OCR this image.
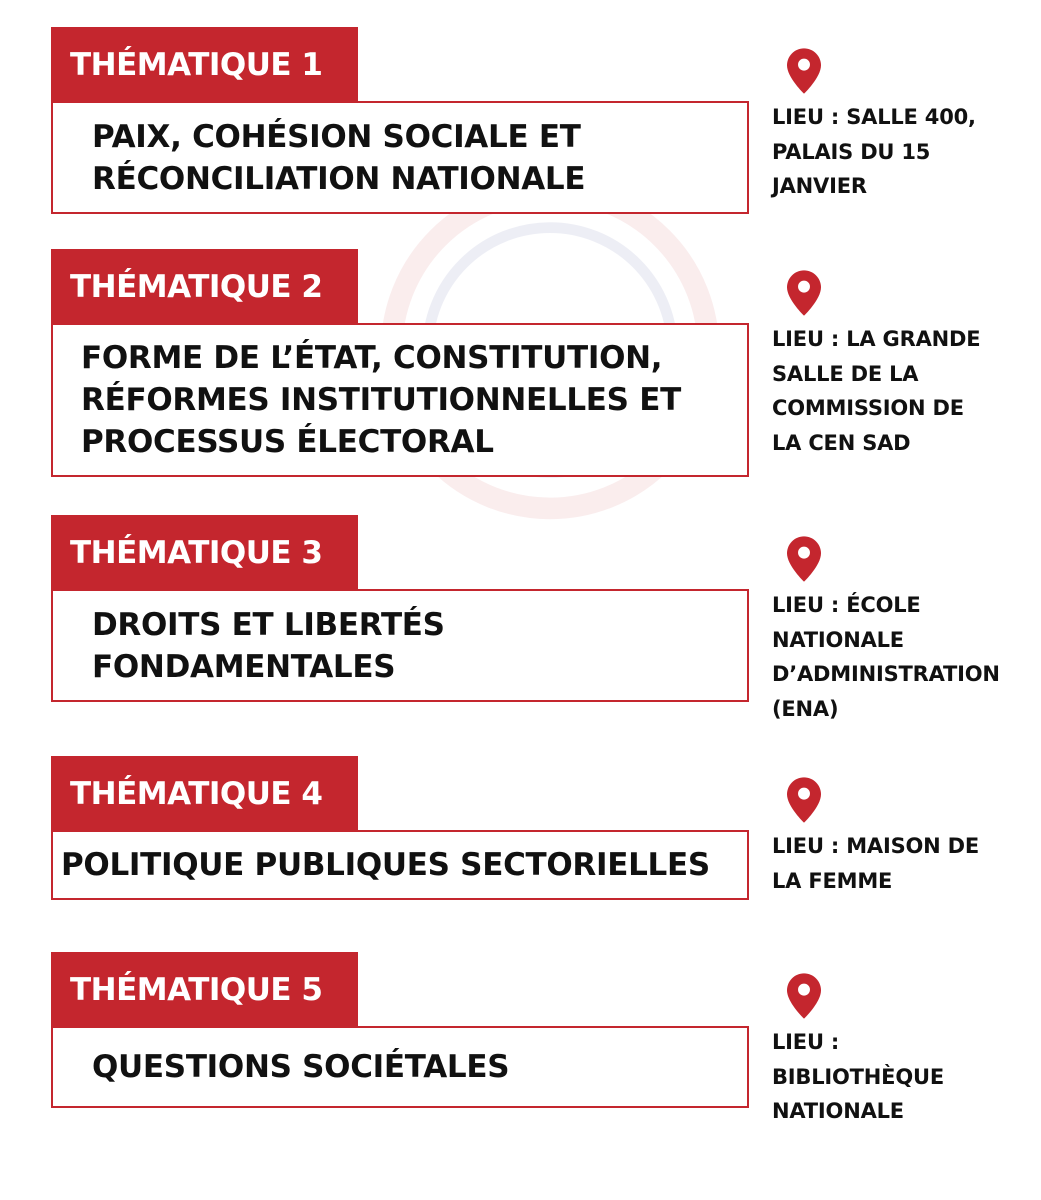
THÉMATIQUE 1
PAIX, COHÉSION SOCIALE ET
RÉCONCILIATION NATIONALE
LIEU : SALLE 400,
PALAIS DU 15
JANVIER
THÉMATIQUE 2
FORME DE L’ÉTAT, CONSTITUTION,
RÉFORMES INSTITUTIONNELLES ET
PROCESSUS ÉLECTORAL
LIEU : LA GRANDE
SALLE DE LA
COMMISSION DE
LA CEN SAD
THÉMATIQUE 3
DROITS ET LIBERTÉS
FONDAMENTALES
LIEU : ÉCOLE
NATIONALE
D’ADMINISTRATION
(ENA)
THÉMATIQUE 4
POLITIQUE PUBLIQUES SECTORIELLES
LIEU : MAISON DE
LA FEMME
THÉMATIQUE 5
QUESTIONS SOCIÉTALES
LIEU :
BIBLIOTHÈQUE
NATIONALE
